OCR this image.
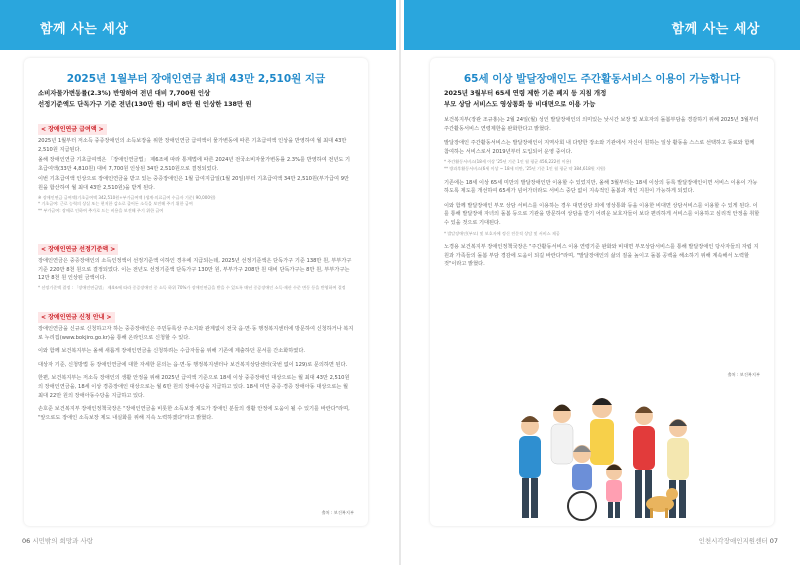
함께 사는 세상
2025년 1월부터 장애인연금 최대 43만 2,510원 지급
소비자물가변동률(2.3%) 반영하여 전년 대비 7,700원 인상
선정기준액도 단독가구 기준 전년(130만 원) 대비 8만 원 인상한 138만 원
< 장애인연금 급여액 >

2025년 1월부터 저소득 중증장애인의 소득보장을 위한 장애인연금 급여액이 물가변동에 따른 기초급여액 인상을 반영하여 월 최대 43만 2,510원 지급된다.

올해 장애인연금 기초급여액은 「장애인연금법」 제6조에 따라 통계법에 따른 2024년 전국소비자물가변동률 2.3%를 반영하여 전년도 기초급여액(33만 4,810원) 대비 7,700원 인상된 34만 2,510원으로 결정되었다.

이번 기초급여액 인상으로 장애인연금을 받고 있는 중증장애인은 1월 급여지급일(1월 20일)부터 기초급여액 34만 2,510원(부가급여 9만 원을 합산하여 월 최대 43만 2,510원)을 받게 된다.

※ 장애인연금 급여액(기초급여액 342,510원+부가급여액 (생계·의료급여 수급자 기준) 90,000원)

* 기초급여: 근로 능력의 상실 또는 현저한 감소로 줄어든 소득을 보전해 주기 위한 급여

** 부가급여: 장애로 인하여 추가로 드는 비용을 보전해 주기 위한 급여

< 장애인연금 선정기준액 >

장애인연금은 중증장애인의 소득인정액이 선정기준액 이하인 경우에 지급되는데, 2025년 선정기준액은 단독가구 기준 138만 원, 부부가구 기준 220만 8천 원으로 결정되었다. 이는 전년도 선정기준액 단독가구 130만 원, 부부가구 208만 원 대비 단독가구는 8만 원, 부부가구는 12만 8천 원 인상된 금액이다.

* 선정기준액 결정 : 「장애인연금법」 제4조에 따라 중증장애인 중 소득 하위 70%가 장애인연금을 받을 수 있도록 매년 중증장애인 소득·재산 수준 변동 등을 반영하여 결정

< 장애인연금 신청 안내 >

장애인연금을 신규로 신청하고자 하는 중증장애인은 주민등록상 주소지와 관계없이 전국 읍·면·동 행정복지센터에 방문하여 신청하거나 복지로 누리집(www.bokjiro.go.kr)을 통해 온라인으로 신청할 수 있다.

이와 함께 보건복지부는 올해 새롭게 장애인연금을 신청하려는 수급자들을 위해 기존에 제출하던 문서를 간소화하였다.

대상자 기준, 신청방법 등 장애인연금에 대한 자세한 문의는 읍·면·동 행정복지센터나 보건복지상담센터(국번 없이 129)로 문의하면 된다.

한편, 보건복지부는 저소득 장애인의 생활 안정을 위해 2025년 급여액 기준으로 18세 이상 중증장애인 대상으로는 월 최대 43만 2,510원의 장애인연금을, 18세 이상 경증장애인 대상으로는 월 6만 원의 장애수당을 지급하고 있다. 18세 미만 중증·경증 장애아동 대상으로는 월 최대 22만 원의 장애아동수당을 지급하고 있다.

손호준 보건복지부 장애인정책국장은 "장애인연금을 비롯한 소득보장 제도가 장애인 분들의 생활 안정에 도움이 될 수 있기를 바란다"라며, "앞으로도 장애인 소득보장 제도 내실화를 위해 지속 노력하겠다"라고 밝혔다.

출처 : 보건복지부
06 시민밖의 희망과 사랑
함께 사는 세상
65세 이상 발달장애인도 주간활동서비스 이용이 가능합니다
2025년 3월부터 65세 연령 제한 기준 폐지 등 지침 개정
부모 상담 서비스도 영상통화 등 비대면으로 이용 가능

보건복지부(장관 조규홍)는 2월 24일(월) 성인 발달장애인의 의미있는 낮시간 보장 및 보호자의 돌봄부담을 경감하기 위해 2025년 3월부터 주간활동서비스 연령제한을 완화한다고 밝혔다.

발달장애인 주간활동서비스는 발달장애인이 지역사회 내 다양한 장소와 기관에서 자신이 원하는 일상 활동을 스스로 선택하고 동료와 함께 참여하는 서비스로서 2019년부터 도입되어 운영 중이다.

* 주간활동서비스(18세 이상 '25년 기준 1인 월 평균 456,222원 이용)

** 방과후활동서비스(6세 이상 ~ 18세 미만, '25년 기준 1인 월 평균 약 384,618원 지원)

기존에는 18세 이상 65세 미만의 발달장애인만 이용할 수 있었지만, 올해 3월부터는 18세 이상의 등록 발달장애인이면 서비스 이용이 가능하도록 제도를 개선하여 65세가 넘어가더라도 서비스 중단 없이 지속적인 돌봄과 개인 지원이 가능하게 되었다.

이와 함께 발달장애인 부모 상담 서비스를 이용하는 경우 대면상담 외에 영상통화 등을 이용한 비대면 상담서비스를 이용할 수 있게 된다. 이를 통해 발달장애 자녀의 돌봄 등으로 기관을 방문하여 상담을 받기 어려운 보호자들이 보다 편리하게 서비스를 이용하고 심리적 안정을 취할 수 있을 것으로 기대된다.

* 발달장애인(부모) 및 보호자에 정신 전문적 상담 및 서비스 제공

노경용 보건복지부 장애인정책국장은 "주간활동서비스 이용 연령기준 완화와 비대면 부모상담서비스를 통해 발달장애인 당사자들의 자립 지원과 가족들의 돌봄 부담 경감에 도움이 되길 바란다"라며, "발달장애인의 삶의 질을 높이고 돌봄 공백을 해소하기 위해 계속해서 노력할 것"이라고 밝혔다.

출처 : 보건복지부
인천시각장애인지원센터 07
